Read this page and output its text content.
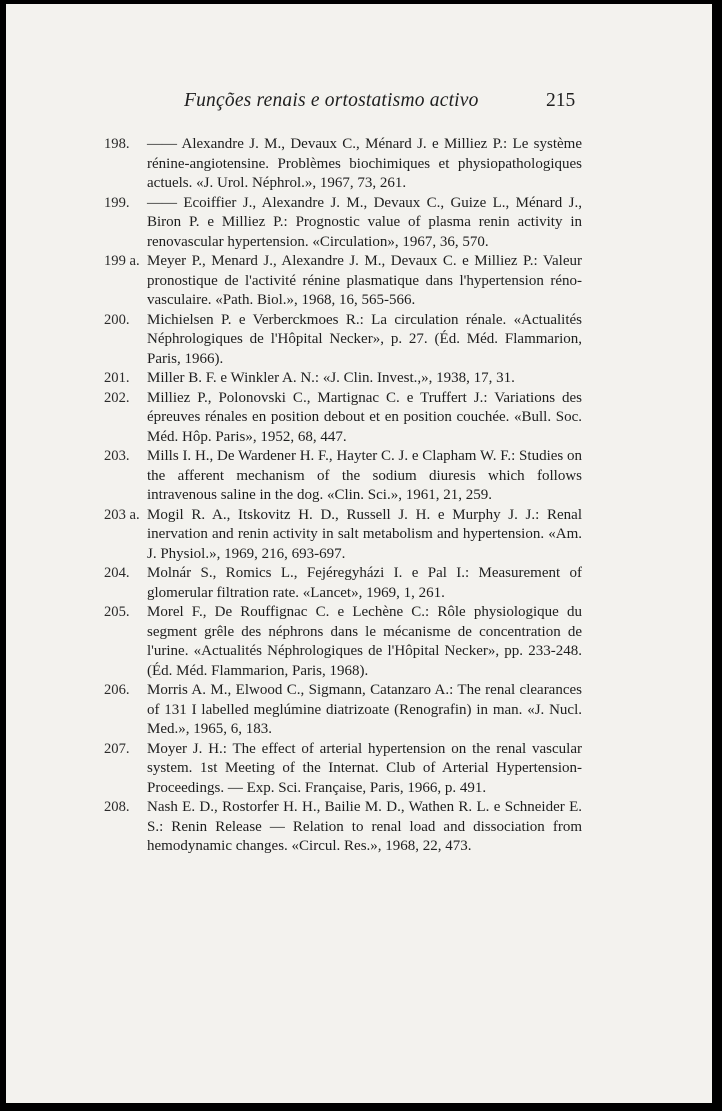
Funções renais e ortostatismo activo	215
198.	—— Alexandre J. M., Devaux C., Ménard J. e Milliez P.: Le système rénine-angiotensine. Problèmes biochimiques et physiopathologiques actuels. «J. Urol. Néphrol.», 1967, 73, 261.
199.	—— Ecoiffier J., Alexandre J. M., Devaux C., Guize L., Ménard J., Biron P. e Milliez P.: Prognostic value of plasma renin activity in renovascular hypertension. «Circulation», 1967, 36, 570.
199 a. Meyer P., Menard J., Alexandre J. M., Devaux C. e Milliez P.: Valeur pronostique de l'activité rénine plasmatique dans l'hypertension réno-vasculaire. «Path. Biol.», 1968, 16, 565-566.
200.	Michielsen P. e Verberckmoes R.: La circulation rénale. «Actualités Néphrologiques de l'Hôpital Necker», p. 27. (Éd. Méd. Flammarion, Paris, 1966).
201.	Miller B. F. e Winkler A. N.: «J. Clin. Invest.,», 1938, 17, 31.
202.	Milliez P., Polonovski C., Martignac C. e Truffert J.: Variations des épreuves rénales en position debout et en position couchée. «Bull. Soc. Méd. Hôp. Paris», 1952, 68, 447.
203.	Mills I. H., De Wardener H. F., Hayter C. J. e Clapham W. F.: Studies on the afferent mechanism of the sodium diuresis which follows intravenous saline in the dog. «Clin. Sci.», 1961, 21, 259.
203 a. Mogil R. A., Itskovitz H. D., Russell J. H. e Murphy J. J.: Renal inervation and renin activity in salt metabolism and hypertension. «Am. J. Physiol.», 1969, 216, 693-697.
204.	Molnár S., Romics L., Fejéregyházi I. e Pal I.: Measurement of glomerular filtration rate. «Lancet», 1969, 1, 261.
205.	Morel F., De Rouffignac C. e Lechène C.: Rôle physiologique du segment grêle des néphrons dans le mécanisme de concentration de l'urine. «Actualités Néphrologiques de l'Hôpital Necker», pp. 233-248. (Éd. Méd. Flammarion, Paris, 1968).
206.	Morris A. M., Elwood C., Sigmann, Catanzaro A.: The renal clearances of 131 I labelled meglúmine diatrizoate (Renografin) in man. «J. Nucl. Med.», 1965, 6, 183.
207.	Moyer J. H.: The effect of arterial hypertension on the renal vascular system. 1st Meeting of the Internat. Club of Arterial Hypertension-Proceedings. — Exp. Sci. Française, Paris, 1966, p. 491.
208.	Nash E. D., Rostorfer H. H., Bailie M. D., Wathen R. L. e Schneider E. S.: Renin Release — Relation to renal load and dissociation from hemodynamic changes. «Circul. Res.», 1968, 22, 473.
